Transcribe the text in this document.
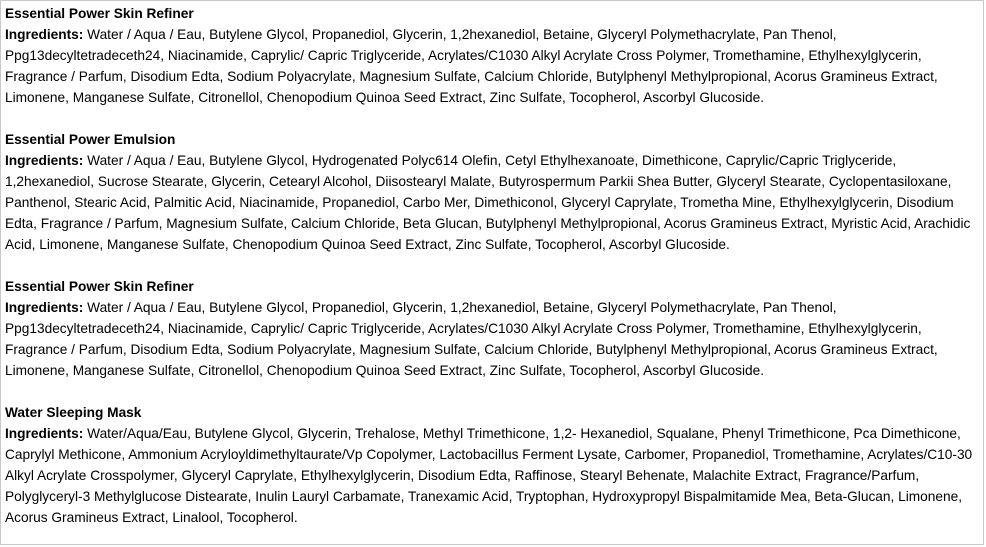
Essential Power Skin Refiner
Ingredients: Water / Aqua / Eau, Butylene Glycol, Propanediol, Glycerin, 1,2hexanediol, Betaine, Glyceryl Polymethacrylate, Pan Thenol, Ppg13decyltetradeceth24, Niacinamide, Caprylic/ Capric Triglyceride, Acrylates/C1030 Alkyl Acrylate Cross Polymer, Tromethamine, Ethylhexylglycerin, Fragrance / Parfum, Disodium Edta, Sodium Polyacrylate, Magnesium Sulfate, Calcium Chloride, Butylphenyl Methylpropional, Acorus Gramineus Extract, Limonene, Manganese Sulfate, Citronellol, Chenopodium Quinoa Seed Extract, Zinc Sulfate, Tocopherol, Ascorbyl Glucoside.
Essential Power Emulsion
Ingredients: Water / Aqua / Eau, Butylene Glycol, Hydrogenated Polyc614 Olefin, Cetyl Ethylhexanoate, Dimethicone, Caprylic/Capric Triglyceride, 1,2hexanediol, Sucrose Stearate, Glycerin, Cetearyl Alcohol, Diisostearyl Malate, Butyrospermum Parkii Shea Butter, Glyceryl Stearate, Cyclopentasiloxane, Panthenol, Stearic Acid, Palmitic Acid, Niacinamide, Propanediol, Carbo Mer, Dimethiconol, Glyceryl Caprylate, Trometha Mine, Ethylhexylglycerin, Disodium Edta, Fragrance / Parfum, Magnesium Sulfate, Calcium Chloride, Beta Glucan, Butylphenyl Methylpropional, Acorus Gramineus Extract, Myristic Acid, Arachidic Acid, Limonene, Manganese Sulfate, Chenopodium Quinoa Seed Extract, Zinc Sulfate, Tocopherol, Ascorbyl Glucoside.
Essential Power Skin Refiner
Ingredients: Water / Aqua / Eau, Butylene Glycol, Propanediol, Glycerin, 1,2hexanediol, Betaine, Glyceryl Polymethacrylate, Pan Thenol, Ppg13decyltetradeceth24, Niacinamide, Caprylic/ Capric Triglyceride, Acrylates/C1030 Alkyl Acrylate Cross Polymer, Tromethamine, Ethylhexylglycerin, Fragrance / Parfum, Disodium Edta, Sodium Polyacrylate, Magnesium Sulfate, Calcium Chloride, Butylphenyl Methylpropional, Acorus Gramineus Extract, Limonene, Manganese Sulfate, Citronellol, Chenopodium Quinoa Seed Extract, Zinc Sulfate, Tocopherol, Ascorbyl Glucoside.
Water Sleeping Mask
Ingredients: Water/Aqua/Eau, Butylene Glycol, Glycerin, Trehalose, Methyl Trimethicone, 1,2- Hexanediol, Squalane, Phenyl Trimethicone, Pca Dimethicone, Caprylyl Methicone, Ammonium Acryloyldimethyltaurate/Vp Copolymer, Lactobacillus Ferment Lysate, Carbomer, Propanediol, Tromethamine, Acrylates/C10-30 Alkyl Acrylate Crosspolymer, Glyceryl Caprylate, Ethylhexylglycerin, Disodium Edta, Raffinose, Stearyl Behenate, Malachite Extract, Fragrance/Parfum, Polyglyceryl-3 Methylglucose Distearate, Inulin Lauryl Carbamate, Tranexamic Acid, Tryptophan, Hydroxypropyl Bispalmitamide Mea, Beta-Glucan, Limonene, Acorus Gramineus Extract, Linalool, Tocopherol.
